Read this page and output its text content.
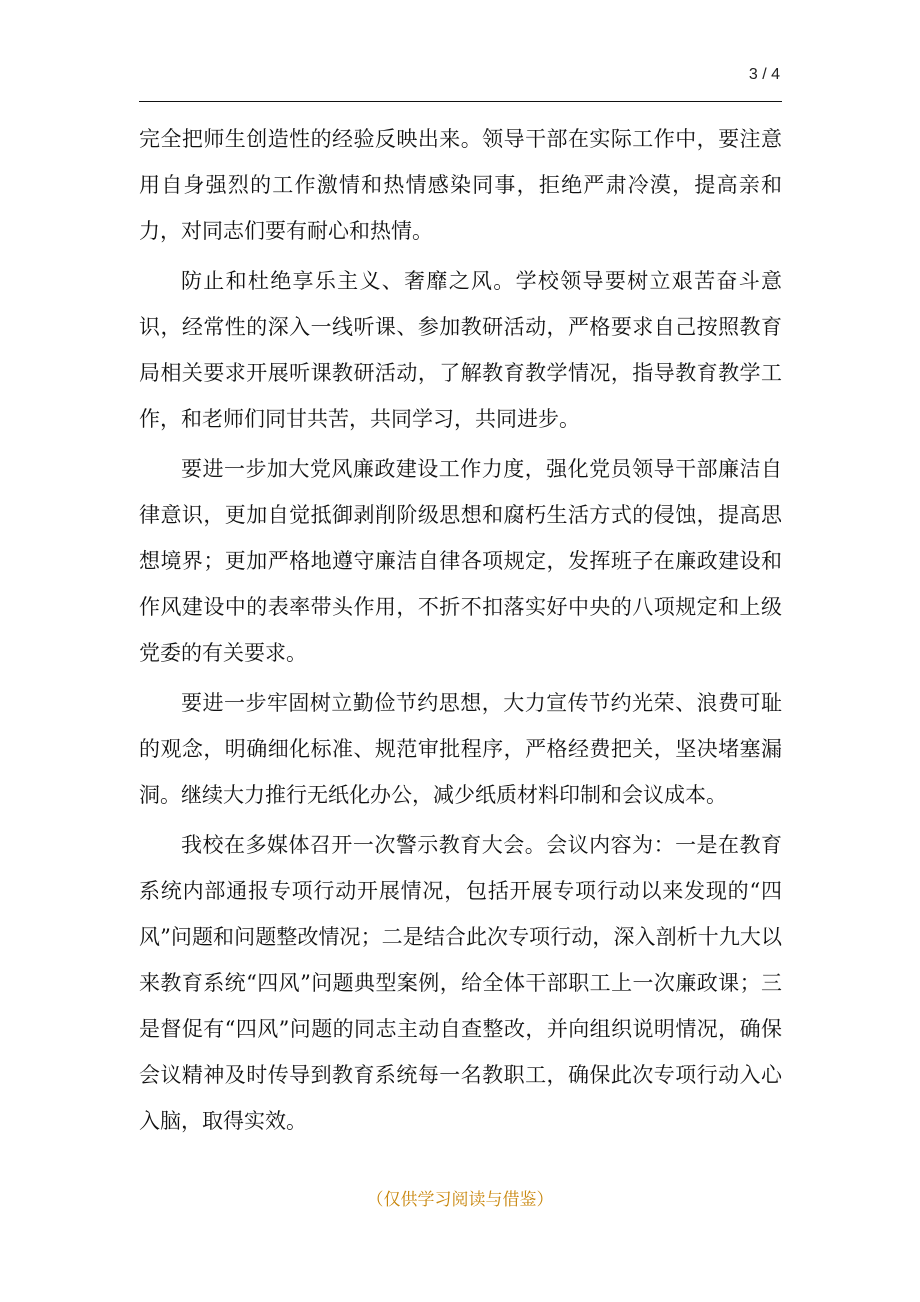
3 / 4

完全把师生创造性的经验反映出来。领导干部在实际工作中，要注意用自身强烈的工作激情和热情感染同事，拒绝严肃冷漠，提高亲和力，对同志们要有耐心和热情。

防止和杜绝享乐主义、奢靡之风。学校领导要树立艰苦奋斗意识，经常性的深入一线听课、参加教研活动，严格要求自己按照教育局相关要求开展听课教研活动，了解教育教学情况，指导教育教学工作，和老师们同甘共苦，共同学习，共同进步。

要进一步加大党风廉政建设工作力度，强化党员领导干部廉洁自律意识，更加自觉抵御剥削阶级思想和腐朽生活方式的侵蚀，提高思想境界；更加严格地遵守廉洁自律各项规定，发挥班子在廉政建设和作风建设中的表率带头作用，不折不扣落实好中央的八项规定和上级党委的有关要求。

要进一步牢固树立勤俭节约思想，大力宣传节约光荣、浪费可耻的观念，明确细化标准、规范审批程序，严格经费把关，坚决堵塞漏洞。继续大力推行无纸化办公，减少纸质材料印制和会议成本。

我校在多媒体召开一次警示教育大会。会议内容为：一是在教育系统内部通报专项行动开展情况，包括开展专项行动以来发现的“四风”问题和问题整改情况；二是结合此次专项行动，深入剖析十九大以来教育系统“四风”问题典型案例，给全体干部职工上一次廉政课；三是督促有“四风”问题的同志主动自查整改，并向组织说明情况，确保会议精神及时传导到教育系统每一名教职工，确保此次专项行动入心入脑，取得实效。

（仅供学习阅读与借鉴）
